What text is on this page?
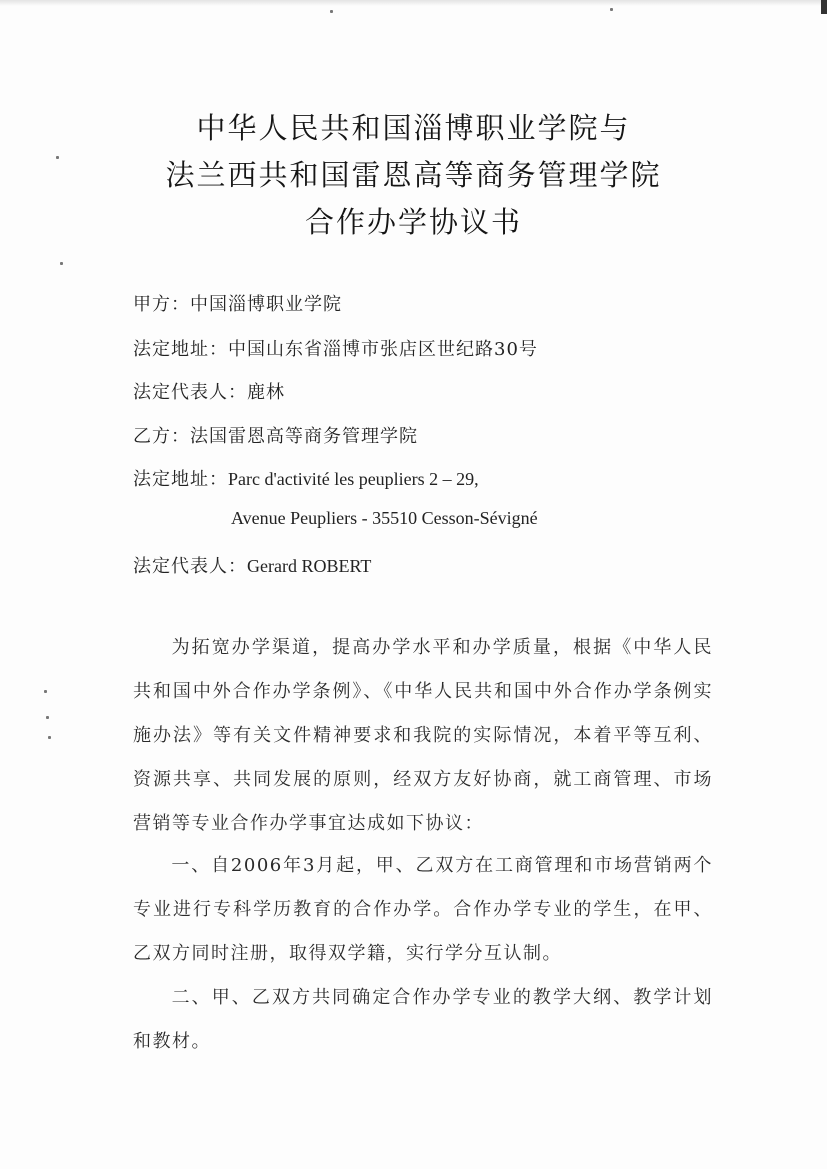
中华人民共和国淄博职业学院与
法兰西共和国雷恩高等商务管理学院
合作办学协议书
甲方：中国淄博职业学院
法定地址：中国山东省淄博市张店区世纪路30号
法定代表人：鹿林
乙方：法国雷恩高等商务管理学院
法定地址：Parc d'activité les peupliers 2 – 29,
Avenue Peupliers - 35510 Cesson-Sévigné
法定代表人：Gerard ROBERT
为拓宽办学渠道，提高办学水平和办学质量，根据《中华人民共和国中外合作办学条例》、《中华人民共和国中外合作办学条例实施办法》等有关文件精神要求和我院的实际情况，本着平等互利、资源共享、共同发展的原则，经双方友好协商，就工商管理、市场营销等专业合作办学事宜达成如下协议：
一、自2006年3月起，甲、乙双方在工商管理和市场营销两个专业进行专科学历教育的合作办学。合作办学专业的学生，在甲、乙双方同时注册，取得双学籍，实行学分互认制。
二、甲、乙双方共同确定合作办学专业的教学大纲、教学计划和教材。
